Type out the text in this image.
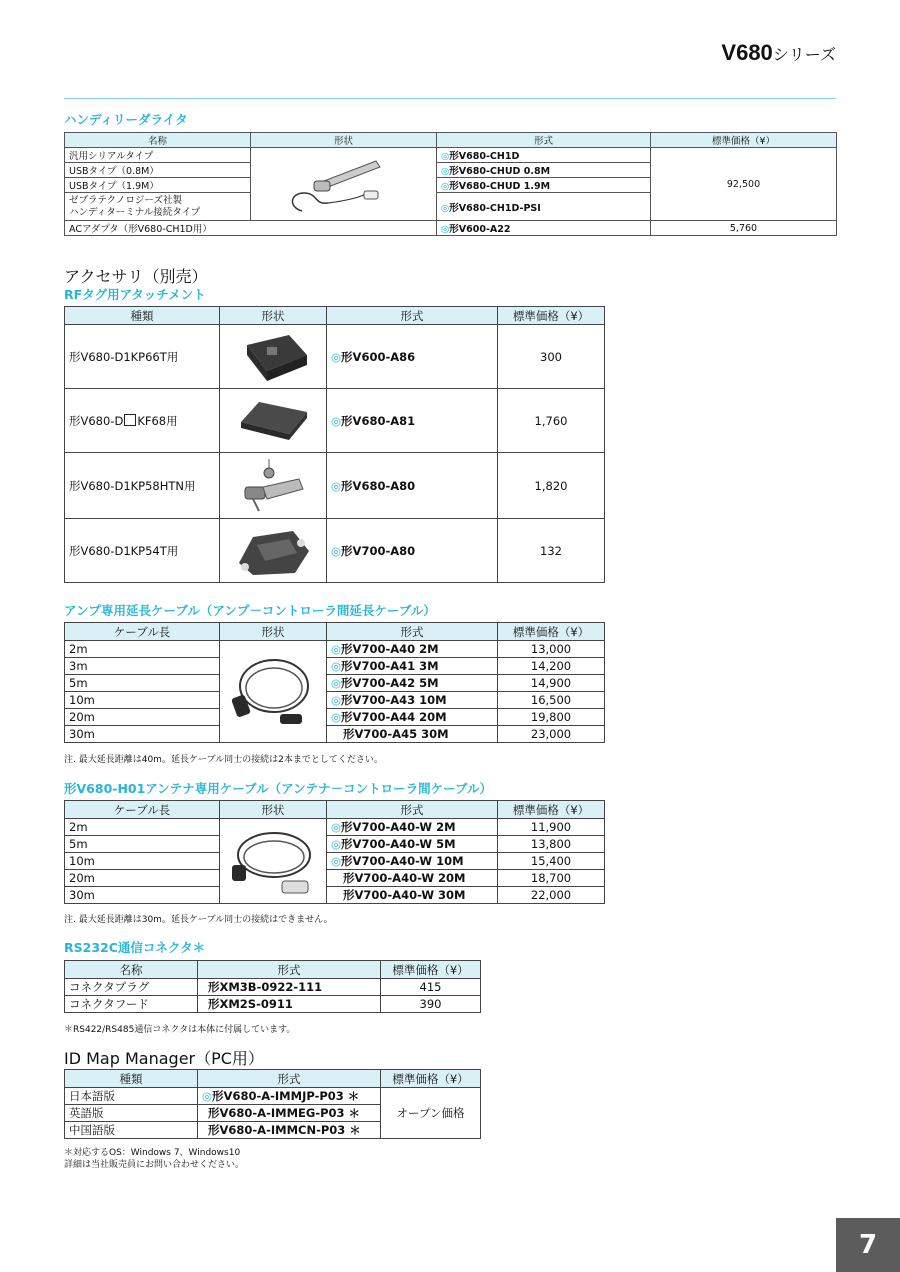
V680シリーズ
ハンディリーダライタ
名称	形状	形式	標準価格（¥）
汎用シリアルタイプ		◎形V680-CH1D	92,500
USBタイプ（0.8M）		◎形V680-CHUD 0.8M	
USBタイプ（1.9M）		◎形V680-CHUD 1.9M	
ゼブラテクノロジーズ社製
ハンディターミナル接続タイプ		◎形V680-CH1D-PSI	
ACアダプタ（形V680-CH1D用）		◎形V600-A22	5,760
アクセサリ（別売）
RFタグ用アタッチメント
種類	形状	形式	標準価格（¥）
形V680-D1KP66T用		◎形V600-A86	300
形V680-D KF68用		◎形V680-A81	1,760
形V680-D1KP58HTN用		◎形V680-A80	1,820
形V680-D1KP54T用		◎形V700-A80	132
アンプ専用延長ケーブル（アンプ－コントローラ間延長ケーブル）
ケーブル長	形状	形式	標準価格（¥）
2m		◎形V700-A40 2M	13,000
3m		◎形V700-A41 3M	14,200
5m		◎形V700-A42 5M	14,900
10m		◎形V700-A43 10M	16,500
20m		◎形V700-A44 20M	19,800
30m		形V700-A45 30M	23,000
注. 最大延長距離は40m。延長ケーブル同士の接続は2本までとしてください。
形V680-H01アンテナ専用ケーブル（アンテナ－コントローラ間ケーブル）
ケーブル長	形状	形式	標準価格（¥）
2m		◎形V700-A40-W 2M	11,900
5m		◎形V700-A40-W 5M	13,800
10m		◎形V700-A40-W 10M	15,400
20m		形V700-A40-W 20M	18,700
30m		形V700-A40-W 30M	22,000
注. 最大延長距離は30m。延長ケーブル同士の接続はできません。
RS232C通信コネクタ＊
名称	形式	標準価格（¥）
コネクタプラグ	形XM3B-0922-111	415
コネクタフード	形XM2S-0911	390
＊RS422/RS485通信コネクタは本体に付属しています。
ID Map Manager（PC用）
種類	形式	標準価格（¥）
日本語版	◎形V680-A-IMMJP-P03 ＊	オープン価格
英語版	形V680-A-IMMEG-P03 ＊	
中国語版	形V680-A-IMMCN-P03 ＊	
＊対応するOS：Windows 7、Windows10
詳細は当社販売員にお問い合わせください。
7
